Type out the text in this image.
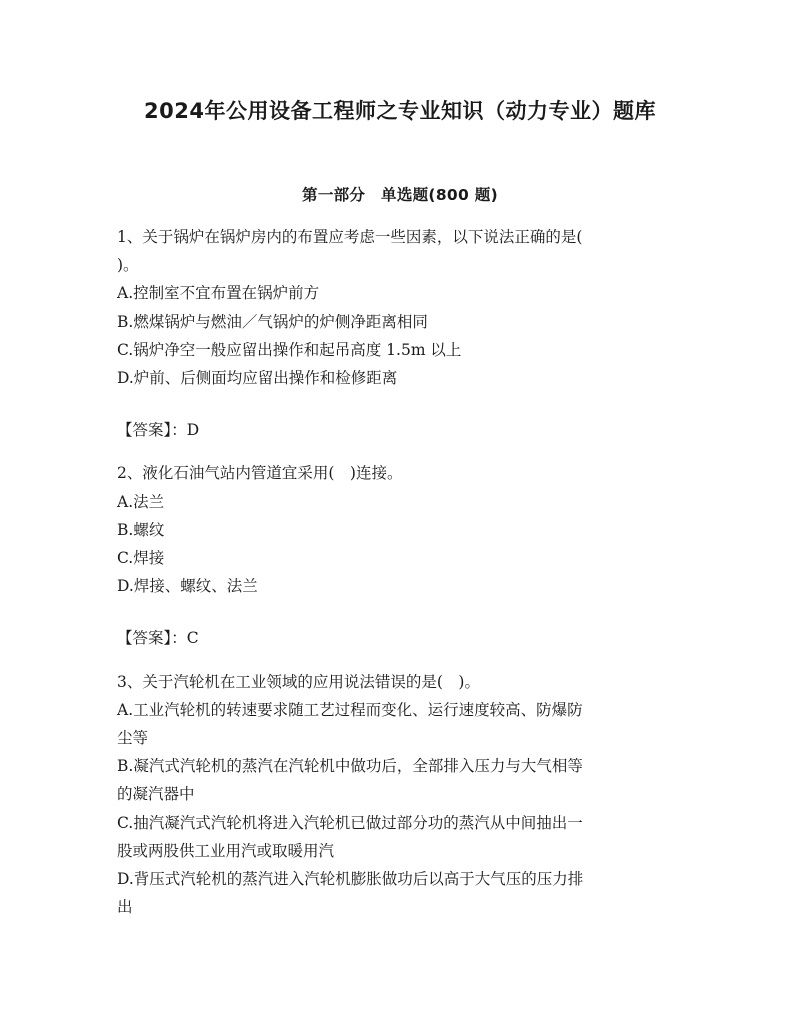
2024年公用设备工程师之专业知识（动力专业）题库
第一部分　单选题(800 题)
1、关于锅炉在锅炉房内的布置应考虑一些因素，以下说法正确的是(
)。
A.控制室不宜布置在锅炉前方
B.燃煤锅炉与燃油／气锅炉的炉侧净距离相同
C.锅炉净空一般应留出操作和起吊高度 1.5m 以上
D.炉前、后侧面均应留出操作和检修距离
【答案】：D
2、液化石油气站内管道宜采用(　)连接。
A.法兰
B.螺纹
C.焊接
D.焊接、螺纹、法兰
【答案】：C
3、关于汽轮机在工业领域的应用说法错误的是(　)。
A.工业汽轮机的转速要求随工艺过程而变化、运行速度较高、防爆防
尘等
B.凝汽式汽轮机的蒸汽在汽轮机中做功后，全部排入压力与大气相等
的凝汽器中
C.抽汽凝汽式汽轮机将进入汽轮机已做过部分功的蒸汽从中间抽出一
股或两股供工业用汽或取暖用汽
D.背压式汽轮机的蒸汽进入汽轮机膨胀做功后以高于大气压的压力排
出
